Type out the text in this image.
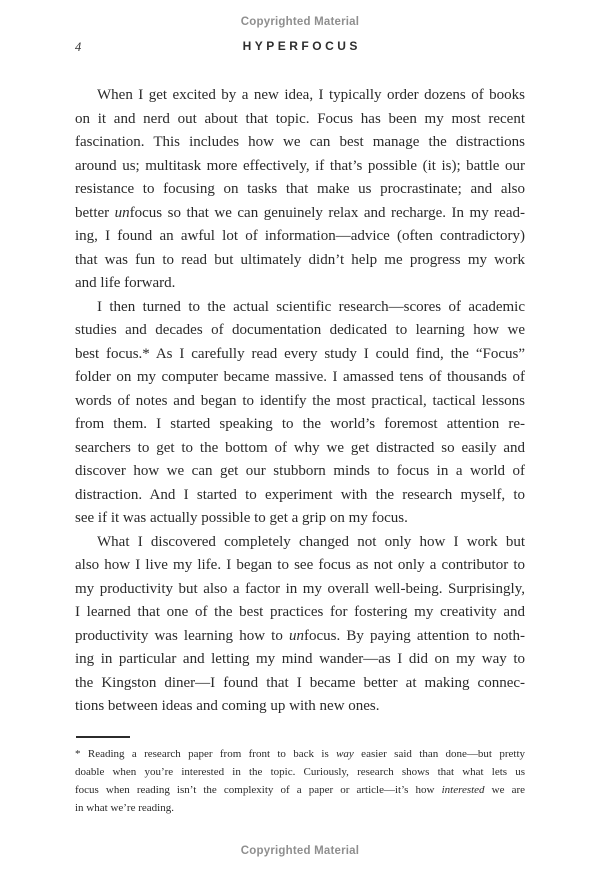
Copyrighted Material
4	HYPERFOCUS
When I get excited by a new idea, I typically order dozens of books
on it and nerd out about that topic. Focus has been my most recent
fascination. This includes how we can best manage the distractions
around us; multitask more effectively, if that’s possible (it is); battle our
resistance to focusing on tasks that make us procrastinate; and also
better unfocus so that we can genuinely relax and recharge. In my read-
ing, I found an awful lot of information—advice (often contradictory)
that was fun to read but ultimately didn’t help me progress my work
and life forward.
I then turned to the actual scientific research—scores of academic
studies and decades of documentation dedicated to learning how we
best focus.* As I carefully read every study I could find, the “Focus”
folder on my computer became massive. I amassed tens of thousands of
words of notes and began to identify the most practical, tactical lessons
from them. I started speaking to the world’s foremost attention re-
searchers to get to the bottom of why we get distracted so easily and
discover how we can get our stubborn minds to focus in a world of
distraction. And I started to experiment with the research myself, to
see if it was actually possible to get a grip on my focus.
What I discovered completely changed not only how I work but
also how I live my life. I began to see focus as not only a contributor to
my productivity but also a factor in my overall well-being. Surprisingly,
I learned that one of the best practices for fostering my creativity and
productivity was learning how to unfocus. By paying attention to noth-
ing in particular and letting my mind wander—as I did on my way to
the Kingston diner—I found that I became better at making connec-
tions between ideas and coming up with new ones.
* Reading a research paper from front to back is way easier said than done—but pretty
doable when you’re interested in the topic. Curiously, research shows that what lets us
focus when reading isn’t the complexity of a paper or article—it’s how interested we are
in what we’re reading.
Copyrighted Material
